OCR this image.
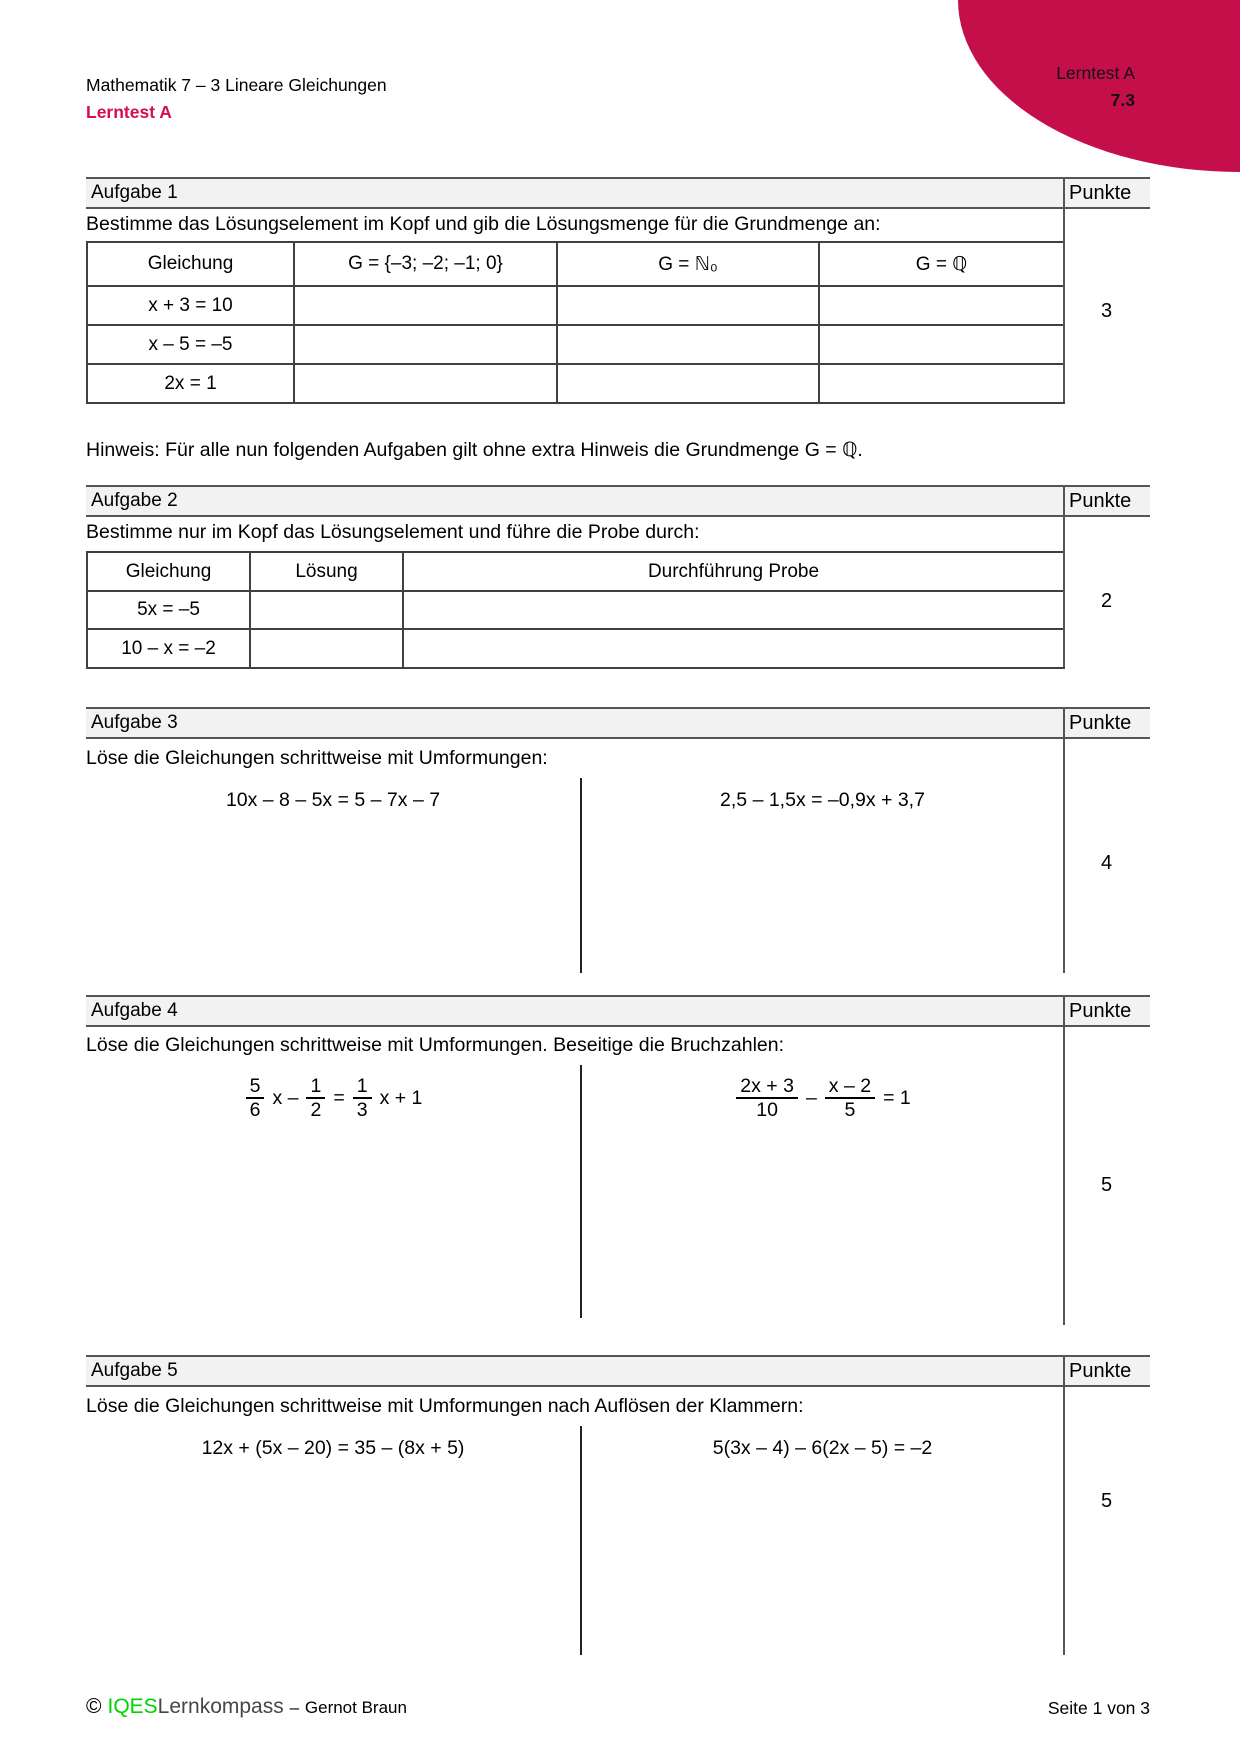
Lerntest A
7.3
Mathematik 7 – 3 Lineare Gleichungen
Lerntest A
Aufgabe 1	Punkte
Bestimme das Lösungselement im Kopf und gib die Lösungsmenge für die Grundmenge an:
Gleichung	G = {–3; –2; –1; 0}	G = ℕ₀	G = ℚ
x + 3 = 10			
x – 5 = –5			
2x = 1			
3
Hinweis: Für alle nun folgenden Aufgaben gilt ohne extra Hinweis die Grundmenge G = ℚ.
Aufgabe 2	Punkte
Bestimme nur im Kopf das Lösungselement und führe die Probe durch:
Gleichung	Lösung	Durchführung Probe
5x = –5		
10 – x = –2		
2
Aufgabe 3	Punkte
Löse die Gleichungen schrittweise mit Umformungen:
10x – 8 – 5x = 5 – 7x – 7	2,5 – 1,5x = –0,9x + 3,7
4
Aufgabe 4	Punkte
Löse die Gleichungen schrittweise mit Umformungen. Beseitige die Bruchzahlen:
$\frac{5}{6}$ $x - \frac{1}{2} = \frac{1}{3}$ x + 1	$\frac{2x + 3}{10} - \frac{x - 2}{5} = 1$
5
Aufgabe 5	Punkte
Löse die Gleichungen schrittweise mit Umformungen nach Auflösen der Klammern:
12x + (5x – 20) = 35 – (8x + 5)	5(3x – 4) – 6(2x – 5) = –2
5
© IQESLernkompass – Gernot Braun	Seite 1 von 3
